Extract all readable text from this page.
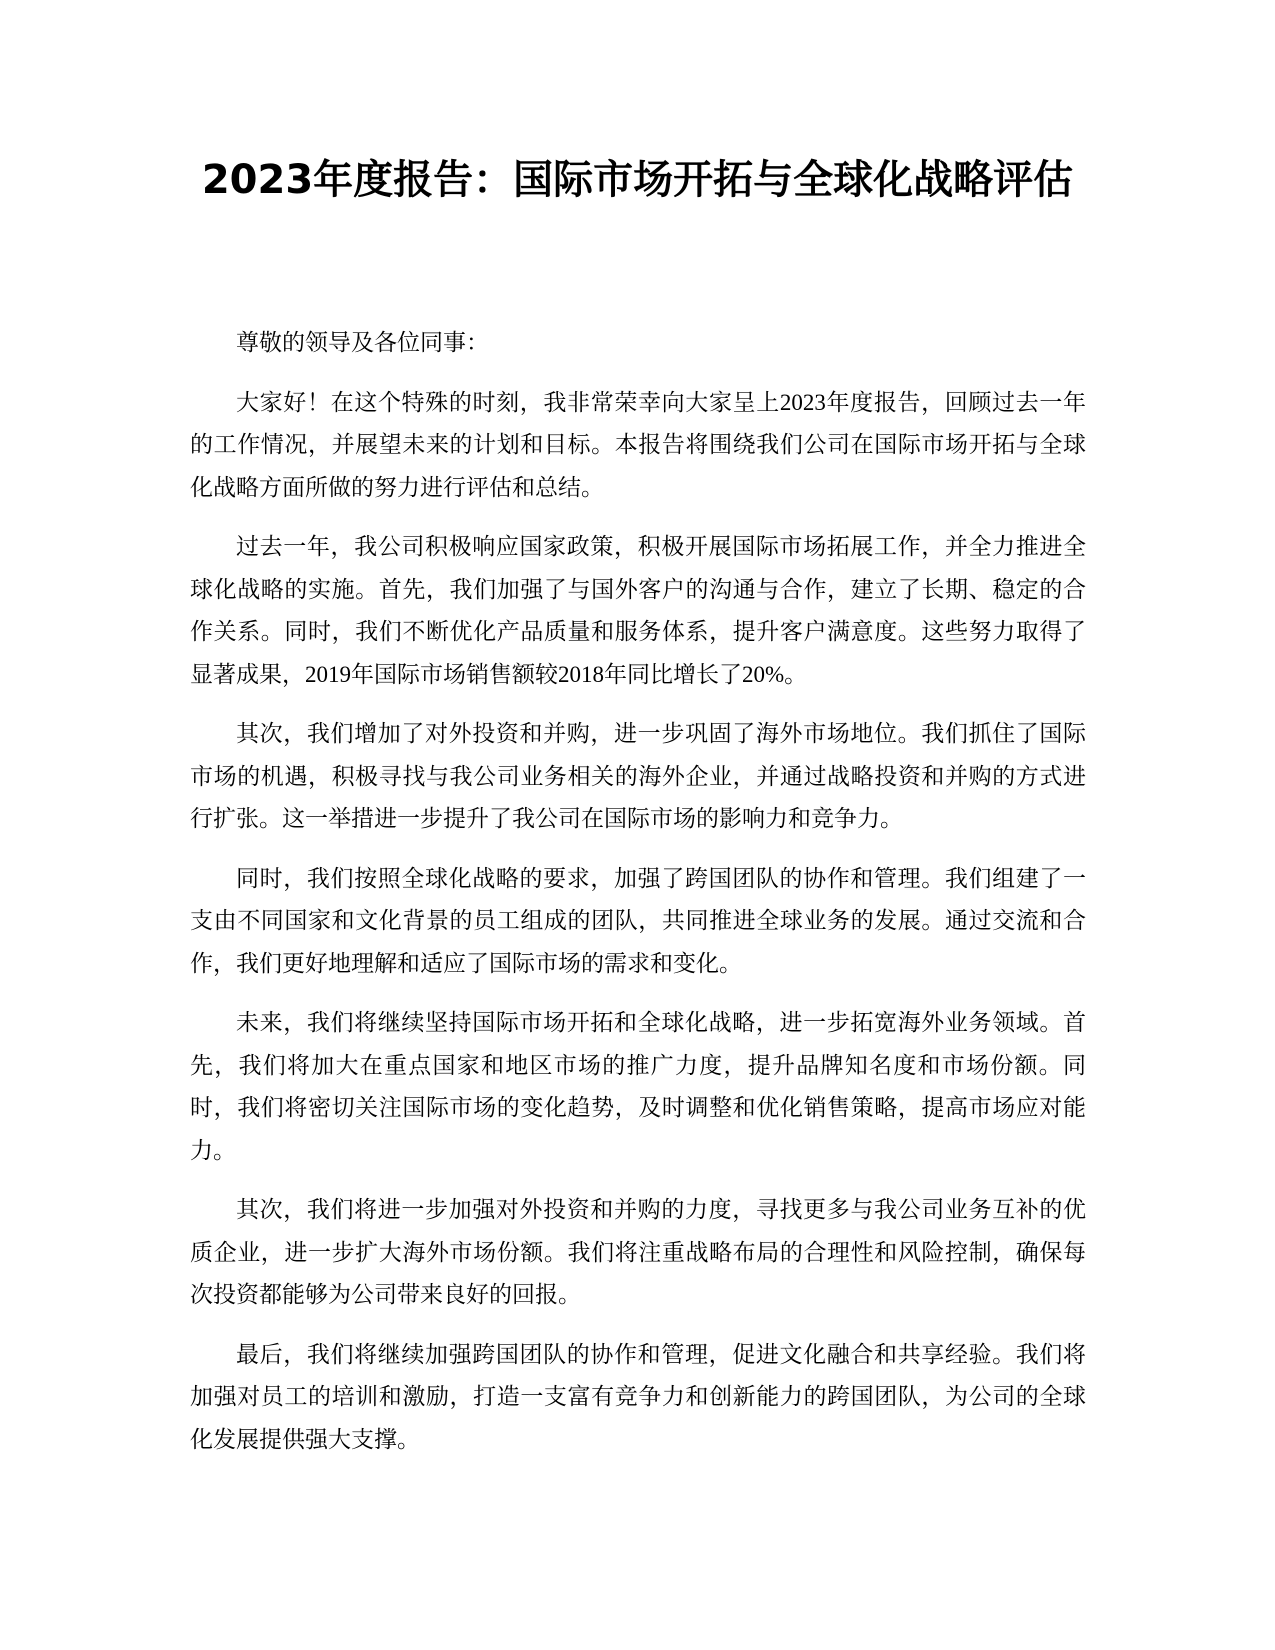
2023年度报告：国际市场开拓与全球化战略评估

尊敬的领导及各位同事：

大家好！在这个特殊的时刻，我非常荣幸向大家呈上2023年度报告，回顾过去一年的工作情况，并展望未来的计划和目标。本报告将围绕我们公司在国际市场开拓与全球化战略方面所做的努力进行评估和总结。

过去一年，我公司积极响应国家政策，积极开展国际市场拓展工作，并全力推进全球化战略的实施。首先，我们加强了与国外客户的沟通与合作，建立了长期、稳定的合作关系。同时，我们不断优化产品质量和服务体系，提升客户满意度。这些努力取得了显著成果，2019年国际市场销售额较2018年同比增长了20%。

其次，我们增加了对外投资和并购，进一步巩固了海外市场地位。我们抓住了国际市场的机遇，积极寻找与我公司业务相关的海外企业，并通过战略投资和并购的方式进行扩张。这一举措进一步提升了我公司在国际市场的影响力和竞争力。

同时，我们按照全球化战略的要求，加强了跨国团队的协作和管理。我们组建了一支由不同国家和文化背景的员工组成的团队，共同推进全球业务的发展。通过交流和合作，我们更好地理解和适应了国际市场的需求和变化。

未来，我们将继续坚持国际市场开拓和全球化战略，进一步拓宽海外业务领域。首先，我们将加大在重点国家和地区市场的推广力度，提升品牌知名度和市场份额。同时，我们将密切关注国际市场的变化趋势，及时调整和优化销售策略，提高市场应对能力。

其次，我们将进一步加强对外投资和并购的力度，寻找更多与我公司业务互补的优质企业，进一步扩大海外市场份额。我们将注重战略布局的合理性和风险控制，确保每次投资都能够为公司带来良好的回报。

最后，我们将继续加强跨国团队的协作和管理，促进文化融合和共享经验。我们将加强对员工的培训和激励，打造一支富有竞争力和创新能力的跨国团队，为公司的全球化发展提供强大支撑。
